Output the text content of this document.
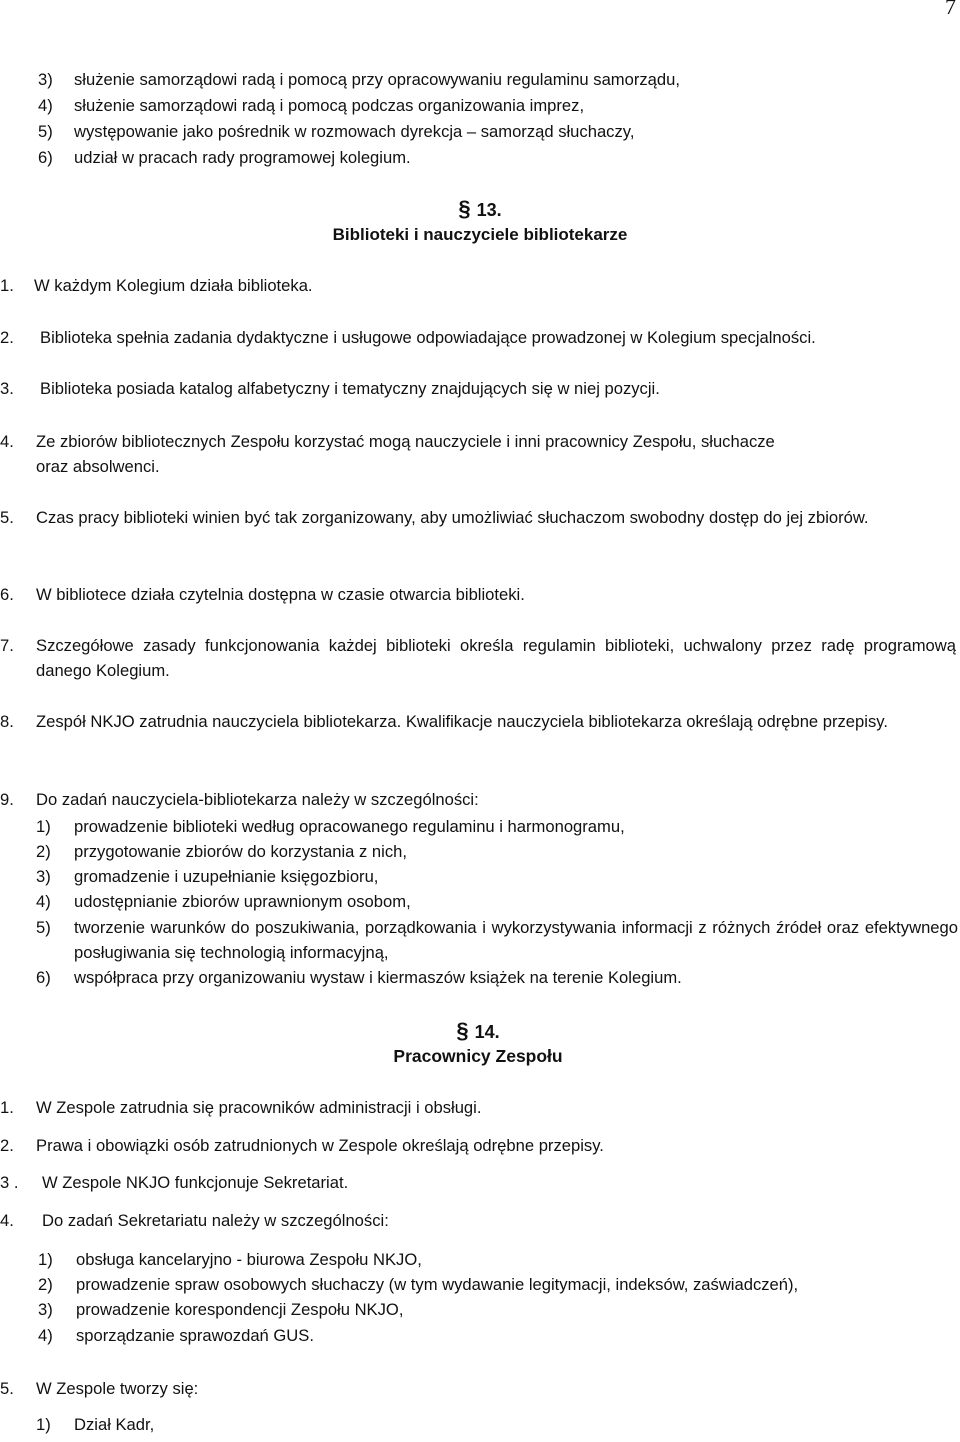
7
3) służenie samorządowi radą i pomocą przy opracowywaniu regulaminu samorządu,
4) służenie samorządowi radą i pomocą podczas organizowania imprez,
5) występowanie jako pośrednik w rozmowach dyrekcja – samorząd słuchaczy,
6) udział w pracach rady programowej kolegium.
§ 13.
Biblioteki i nauczyciele bibliotekarze
1. W każdym Kolegium działa biblioteka.
2. Biblioteka spełnia zadania dydaktyczne i usługowe odpowiadające prowadzonej w Kolegium specjalności.
3. Biblioteka posiada katalog alfabetyczny i tematyczny znajdujących się w niej pozycji.
4. Ze zbiorów bibliotecznych Zespołu korzystać mogą nauczyciele i inni pracownicy Zespołu, słuchacze oraz absolwenci.
5. Czas pracy biblioteki winien być tak zorganizowany, aby umożliwiać słuchaczom swobodny dostęp do jej zbiorów.
6. W bibliotece działa czytelnia dostępna w czasie otwarcia biblioteki.
7. Szczegółowe zasady funkcjonowania każdej biblioteki określa regulamin biblioteki, uchwalony przez radę programową danego Kolegium.
8. Zespół NKJO zatrudnia nauczyciela bibliotekarza. Kwalifikacje nauczyciela bibliotekarza określają odrębne przepisy.
9. Do zadań nauczyciela-bibliotekarza należy w szczególności:
1) prowadzenie biblioteki według opracowanego regulaminu i harmonogramu,
2) przygotowanie zbiorów do korzystania z nich,
3) gromadzenie i uzupełnianie księgozbioru,
4) udostępnianie zbiorów uprawnionym osobom,
5) tworzenie warunków do poszukiwania, porządkowania i wykorzystywania informacji z różnych źródeł oraz efektywnego posługiwania się technologią informacyjną,
6) współpraca przy organizowaniu wystaw i kiermaszów książek na terenie Kolegium.
§ 14.
Pracownicy Zespołu
1. W Zespole zatrudnia się pracowników administracji i obsługi.
2. Prawa i obowiązki osób zatrudnionych w Zespole określają odrębne przepisy.
3 . W Zespole NKJO funkcjonuje Sekretariat.
4. Do zadań Sekretariatu należy w szczególności:
1) obsługa kancelaryjno - biurowa Zespołu NKJO,
2) prowadzenie spraw osobowych słuchaczy (w tym wydawanie legitymacji, indeksów, zaświadczeń),
3) prowadzenie korespondencji Zespołu NKJO,
4) sporządzanie sprawozdań GUS.
5. W Zespole tworzy się:
1) Dział Kadr,
